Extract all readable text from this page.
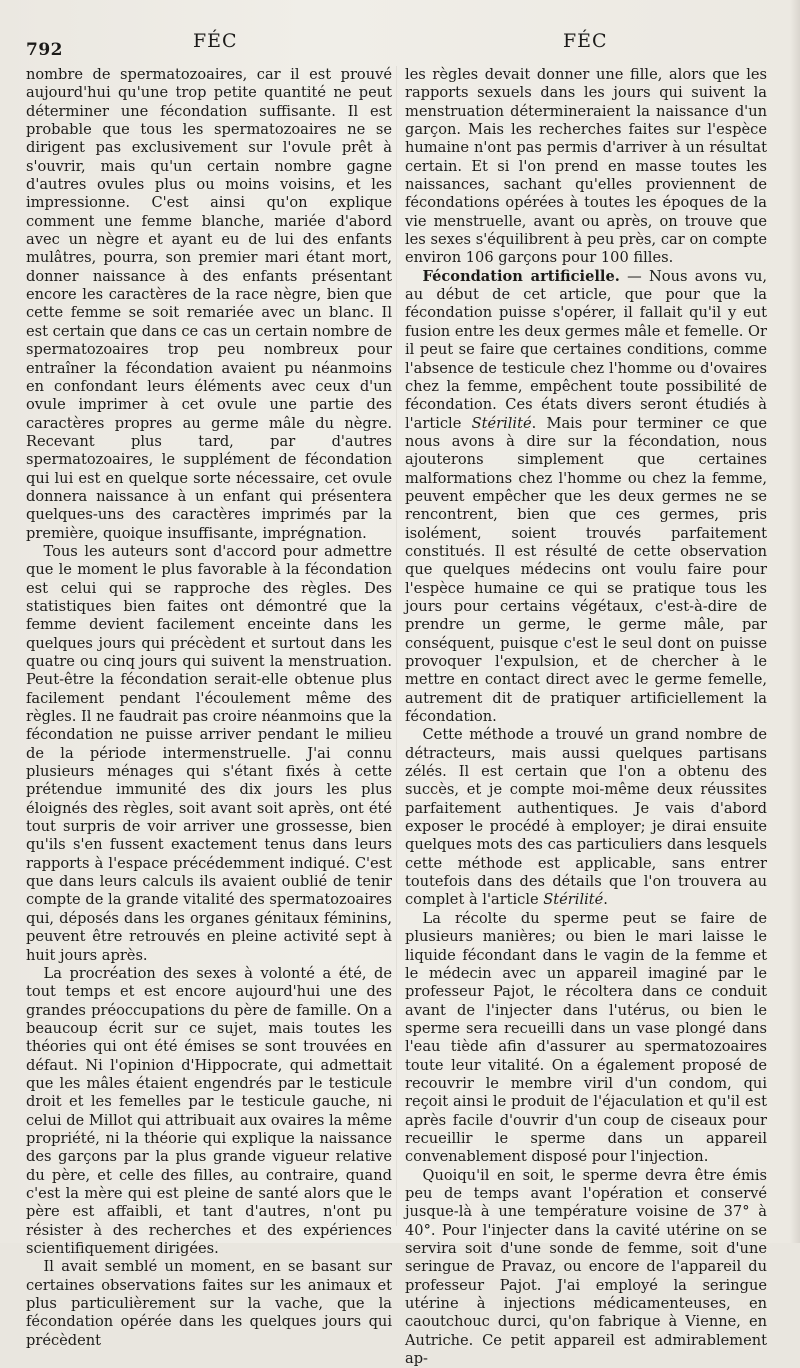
792	FÉC	FÉC

nombre de spermatozoaires, car il est prouvé aujourd'hui qu'une trop petite quantité ne peut déterminer une fécondation suffisante. Il est probable que tous les spermatozoaires ne se dirigent pas exclusivement sur l'ovule prêt à s'ouvrir, mais qu'un certain nombre gagne d'autres ovules plus ou moins voisins, et les impressionne. C'est ainsi qu'on explique comment une femme blanche, mariée d'abord avec un nègre et ayant eu de lui des enfants mulâtres, pourra, son premier mari étant mort, donner naissance à des enfants présentant encore les caractères de la race nègre, bien que cette femme se soit remariée avec un blanc. Il est certain que dans ce cas un certain nombre de spermatozoaires trop peu nombreux pour entraîner la fécondation avaient pu néanmoins en confondant leurs éléments avec ceux d'un ovule imprimer à cet ovule une partie des caractères propres au germe mâle du nègre. Recevant plus tard, par d'autres spermatozoaires, le supplément de fécondation qui lui est en quelque sorte nécessaire, cet ovule donnera naissance à un enfant qui présentera quelques-uns des caractères imprimés par la première, quoique insuffisante, imprégnation.

Tous les auteurs sont d'accord pour admettre que le moment le plus favorable à la fécondation est celui qui se rapproche des règles. Des statistiques bien faites ont démontré que la femme devient facilement enceinte dans les quelques jours qui précèdent et surtout dans les quatre ou cinq jours qui suivent la menstruation. Peut-être la fécondation serait-elle obtenue plus facilement pendant l'écoulement même des règles. Il ne faudrait pas croire néanmoins que la fécondation ne puisse arriver pendant le milieu de la période intermenstruelle. J'ai connu plusieurs ménages qui s'étant fixés à cette prétendue immunité des dix jours les plus éloignés des règles, soit avant soit après, ont été tout surpris de voir arriver une grossesse, bien qu'ils s'en fussent exactement tenus dans leurs rapports à l'espace précédemment indiqué. C'est que dans leurs calculs ils avaient oublié de tenir compte de la grande vitalité des spermatozoaires qui, déposés dans les organes génitaux féminins, peuvent être retrouvés en pleine activité sept à huit jours après.

La procréation des sexes à volonté a été, de tout temps et est encore aujourd'hui une des grandes préoccupations du père de famille. On a beaucoup écrit sur ce sujet, mais toutes les théories qui ont été émises se sont trouvées en défaut. Ni l'opinion d'Hippocrate, qui admettait que les mâles étaient engendrés par le testicule droit et les femelles par le testicule gauche, ni celui de Millot qui attribuait aux ovaires la même propriété, ni la théorie qui explique la naissance des garçons par la plus grande vigueur relative du père, et celle des filles, au contraire, quand c'est la mère qui est pleine de santé alors que le père est affaibli, et tant d'autres, n'ont pu résister à des recherches et des expériences scientifiquement dirigées.

Il avait semblé un moment, en se basant sur certaines observations faites sur les animaux et plus particulièrement sur la vache, que la fécondation opérée dans les quelques jours qui précèdent

les règles devait donner une fille, alors que les rapports sexuels dans les jours qui suivent la menstruation détermineraient la naissance d'un garçon. Mais les recherches faites sur l'espèce humaine n'ont pas permis d'arriver à un résultat certain. Et si l'on prend en masse toutes les naissances, sachant qu'elles proviennent de fécondations opérées à toutes les époques de la vie menstruelle, avant ou après, on trouve que les sexes s'équilibrent à peu près, car on compte environ 106 garçons pour 100 filles.

Fécondation artificielle. — Nous avons vu, au début de cet article, que pour que la fécondation puisse s'opérer, il fallait qu'il y eut fusion entre les deux germes mâle et femelle. Or il peut se faire que certaines conditions, comme l'absence de testicule chez l'homme ou d'ovaires chez la femme, empêchent toute possibilité de fécondation. Ces états divers seront étudiés à l'article Stérilité. Mais pour terminer ce que nous avons à dire sur la fécondation, nous ajouterons simplement que certaines malformations chez l'homme ou chez la femme, peuvent empêcher que les deux germes ne se rencontrent, bien que ces germes, pris isolément, soient trouvés parfaitement constitués. Il est résulté de cette observation que quelques médecins ont voulu faire pour l'espèce humaine ce qui se pratique tous les jours pour certains végétaux, c'est-à-dire de prendre un germe, le germe mâle, par conséquent, puisque c'est le seul dont on puisse provoquer l'expulsion, et de chercher à le mettre en contact direct avec le germe femelle, autrement dit de pratiquer artificiellement la fécondation.

Cette méthode a trouvé un grand nombre de détracteurs, mais aussi quelques partisans zélés. Il est certain que l'on a obtenu des succès, et je compte moi-même deux réussites parfaitement authentiques. Je vais d'abord exposer le procédé à employer; je dirai ensuite quelques mots des cas particuliers dans lesquels cette méthode est applicable, sans entrer toutefois dans des détails que l'on trouvera au complet à l'article Stérilité.

La récolte du sperme peut se faire de plusieurs manières; ou bien le mari laisse le liquide fécondant dans le vagin de la femme et le médecin avec un appareil imaginé par le professeur Pajot, le récoltera dans ce conduit avant de l'injecter dans l'utérus, ou bien le sperme sera recueilli dans un vase plongé dans l'eau tiède afin d'assurer au spermatozoaires toute leur vitalité. On a également proposé de recouvrir le membre viril d'un condom, qui reçoit ainsi le produit de l'éjaculation et qu'il est après facile d'ouvrir d'un coup de ciseaux pour recueillir le sperme dans un appareil convenablement disposé pour l'injection.

Quoiqu'il en soit, le sperme devra être émis peu de temps avant l'opération et conservé jusque-là à une température voisine de 37° à 40°. Pour l'injecter dans la cavité utérine on se servira soit d'une sonde de femme, soit d'une seringue de Pravaz, ou encore de l'appareil du professeur Pajot. J'ai employé la seringue utérine à injections médicamenteuses, en caoutchouc durci, qu'on fabrique à Vienne, en Autriche. Ce petit appareil est admirablement ap-
